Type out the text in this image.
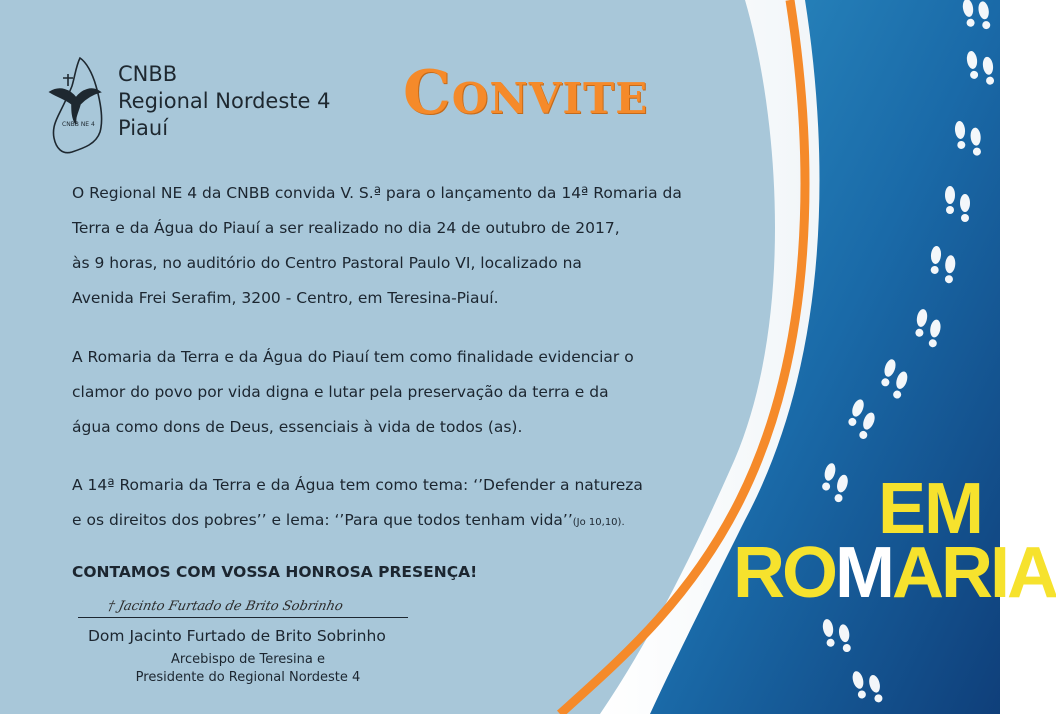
CNBB NE 4
CNBB
Regional Nordeste 4
Piauí	Convite
O Regional NE 4 da CNBB convida V. S.ª para o lançamento da 14ª Romaria da
Terra e da Água do Piauí a ser realizado no dia 24 de outubro de 2017,
às 9 horas, no auditório do Centro Pastoral Paulo VI, localizado na
Avenida Frei Serafim, 3200 - Centro, em Teresina-Piauí.
A Romaria da Terra e da Água do Piauí tem como finalidade evidenciar o
clamor do povo por vida digna e lutar pela preservação da terra e da
água como dons de Deus, essenciais à vida de todos (as).
A 14ª Romaria da Terra e da Água tem como tema: ‘’Defender a natureza
e os direitos dos pobres’’ e lema: ‘’Para que todos tenham vida’’(Jo 10,10).
CONTAMOS COM VOSSA HONROSA PRESENÇA!
† Jacinto Furtado de Brito Sobrinho
Dom Jacinto Furtado de Brito Sobrinho
Arcebispo de Teresina e
Presidente do Regional Nordeste 4
EM
ROMARIA
